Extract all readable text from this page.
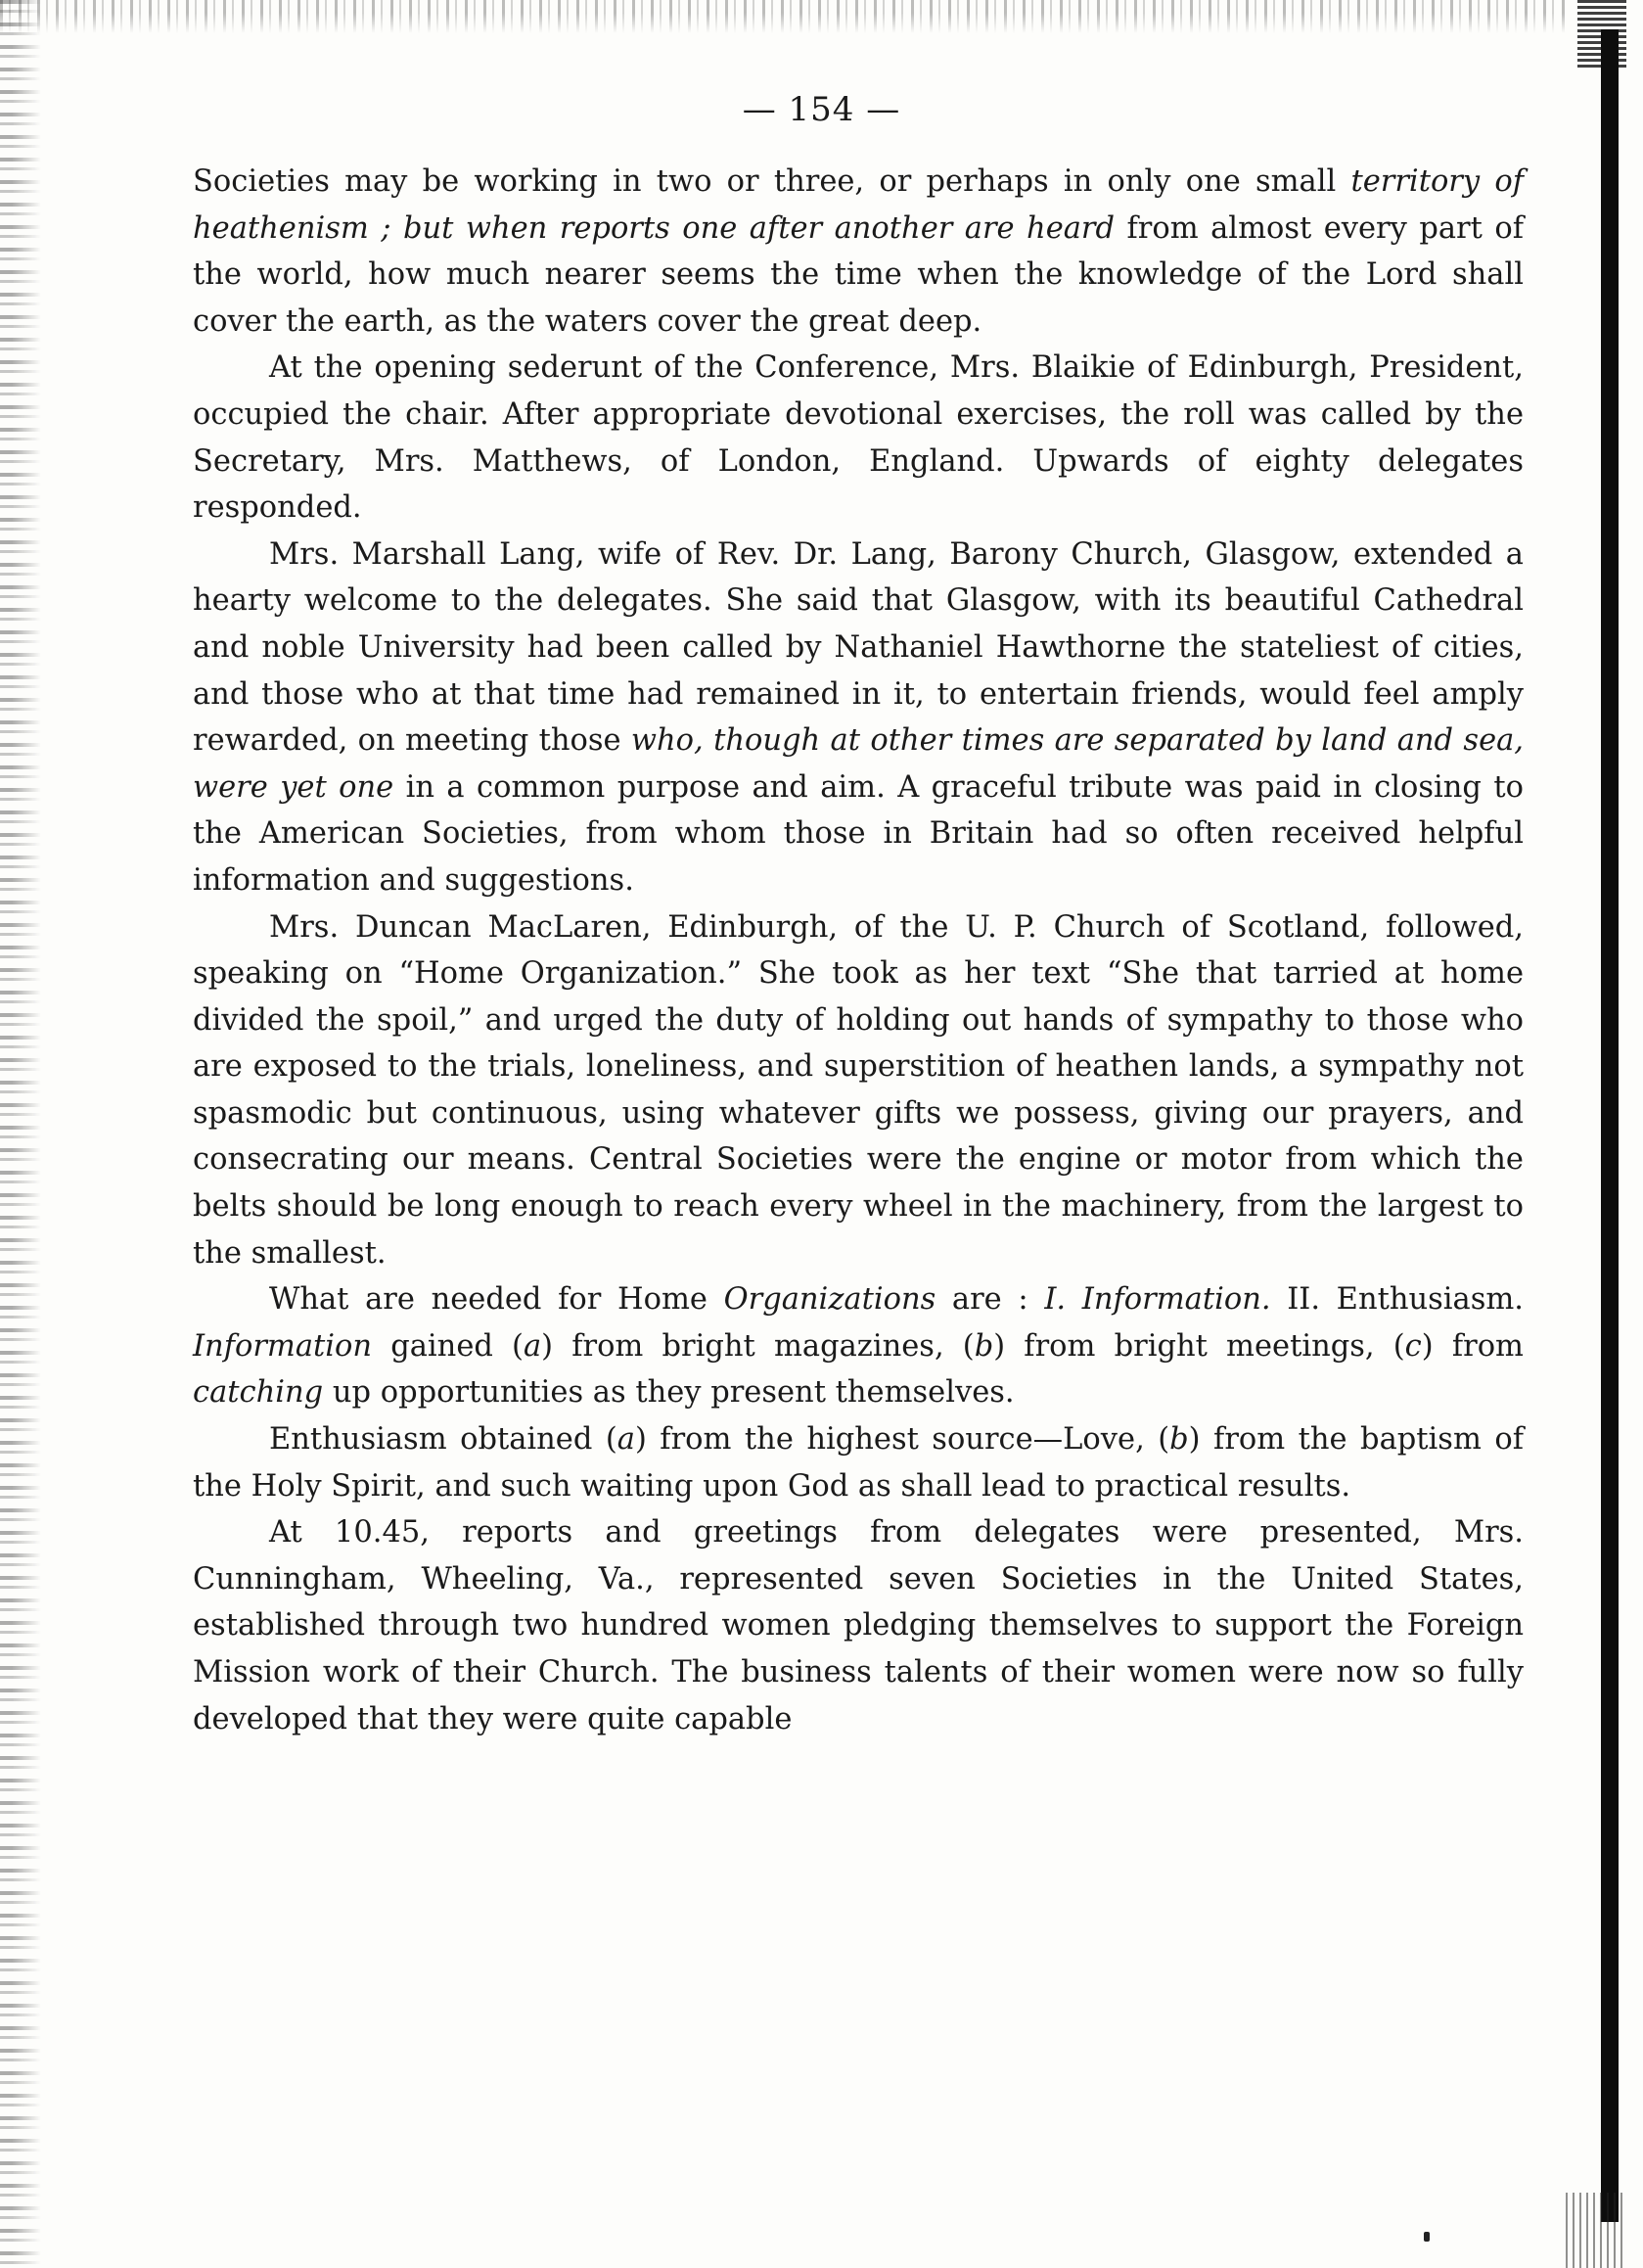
— 154 —

Societies may be working in two or three, or perhaps in only one small territory of heathenism ; but when reports one after another are heard from almost every part of the world, how much nearer seems the time when the knowledge of the Lord shall cover the earth, as the waters cover the great deep.

At the opening sederunt of the Conference, Mrs. Blaikie of Edinburgh, President, occupied the chair. After appropriate devotional exercises, the roll was called by the Secretary, Mrs. Matthews, of London, England. Upwards of eighty delegates responded.

Mrs. Marshall Lang, wife of Rev. Dr. Lang, Barony Church, Glasgow, extended a hearty welcome to the delegates. She said that Glasgow, with its beautiful Cathedral and noble University had been called by Nathaniel Hawthorne the stateliest of cities, and those who at that time had remained in it, to entertain friends, would feel amply rewarded, on meeting those who, though at other times are separated by land and sea, were yet one in a common purpose and aim. A graceful tribute was paid in closing to the American Societies, from whom those in Britain had so often received helpful information and suggestions.

Mrs. Duncan MacLaren, Edinburgh, of the U. P. Church of Scotland, followed, speaking on “Home Organization.” She took as her text “She that tarried at home divided the spoil,” and urged the duty of holding out hands of sympathy to those who are exposed to the trials, loneliness, and superstition of heathen lands, a sympathy not spasmodic but continuous, using whatever gifts we possess, giving our prayers, and consecrating our means. Central Societies were the engine or motor from which the belts should be long enough to reach every wheel in the machinery, from the largest to the smallest.

What are needed for Home Organizations are : I. Information. II. Enthusiasm. Information gained (a) from bright magazines, (b) from bright meetings, (c) from catching up opportunities as they present themselves.

Enthusiasm obtained (a) from the highest source—Love, (b) from the baptism of the Holy Spirit, and such waiting upon God as shall lead to practical results.

At 10.45, reports and greetings from delegates were presented, Mrs. Cunningham, Wheeling, Va., represented seven Societies in the United States, established through two hundred women pledging themselves to support the Foreign Mission work of their Church. The business talents of their women were now so fully developed that they were quite capable
